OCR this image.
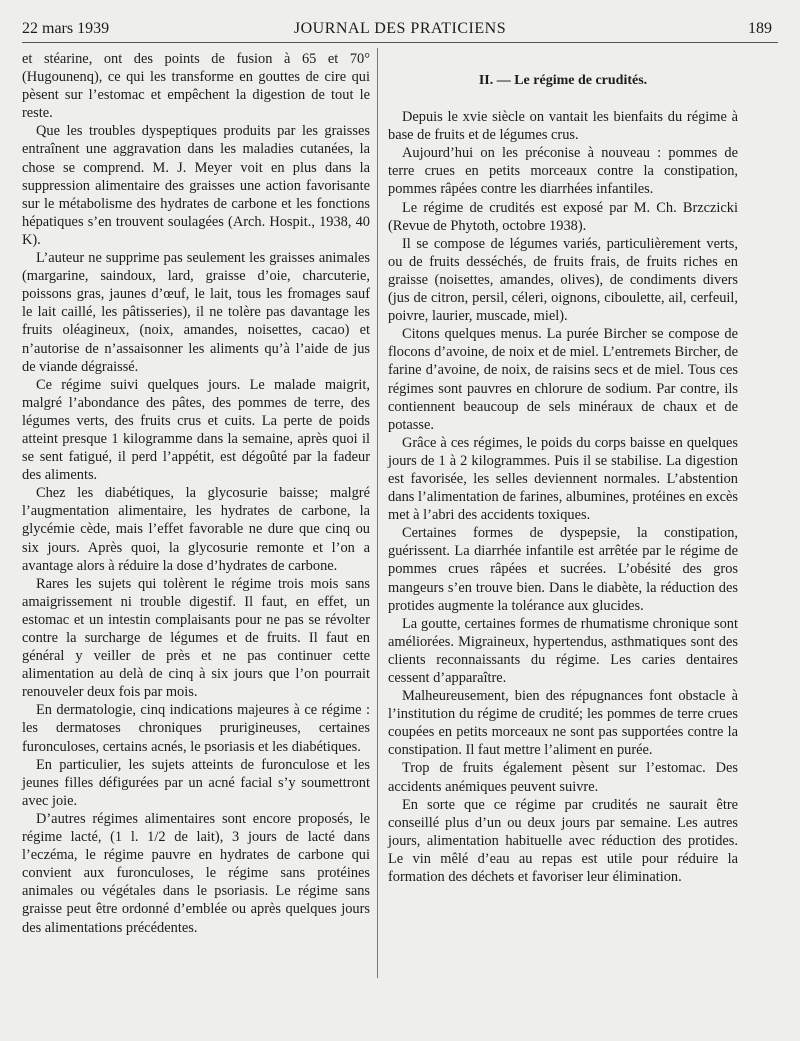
22 mars 1939	JOURNAL DES PRATICIENS	189

et stéarine, ont des points de fusion à 65 et 70° (Hugounenq), ce qui les transforme en gouttes de cire qui pèsent sur l’estomac et empêchent la digestion de tout le reste.

Que les troubles dyspeptiques produits par les graisses entraînent une aggravation dans les maladies cutanées, la chose se comprend. M. J. Meyer voit en plus dans la suppression alimentaire des graisses une action favorisante sur le métabolisme des hydrates de carbone et les fonctions hépatiques s’en trouvent soulagées (Arch. Hospit., 1938, 40 K).

L’auteur ne supprime pas seulement les graisses animales (margarine, saindoux, lard, graisse d’oie, charcuterie, poissons gras, jaunes d’œuf, le lait, tous les fromages sauf le lait caillé, les pâtisseries), il ne tolère pas davantage les fruits oléagineux, (noix, amandes, noisettes, cacao) et n’autorise de n’assaisonner les aliments qu’à l’aide de jus de viande dégraissé.

Ce régime suivi quelques jours. Le malade maigrit, malgré l’abondance des pâtes, des pommes de terre, des légumes verts, des fruits crus et cuits. La perte de poids atteint presque 1 kilogramme dans la semaine, après quoi il se sent fatigué, il perd l’appétit, est dégoûté par la fadeur des aliments.

Chez les diabétiques, la glycosurie baisse; malgré l’augmentation alimentaire, les hydrates de carbone, la glycémie cède, mais l’effet favorable ne dure que cinq ou six jours. Après quoi, la glycosurie remonte et l’on a avantage alors à réduire la dose d’hydrates de carbone.

Rares les sujets qui tolèrent le régime trois mois sans amaigrissement ni trouble digestif. Il faut, en effet, un estomac et un intestin complaisants pour ne pas se révolter contre la surcharge de légumes et de fruits. Il faut en général y veiller de près et ne pas continuer cette alimentation au delà de cinq à six jours que l’on pourrait renouveler deux fois par mois.

En dermatologie, cinq indications majeures à ce régime : les dermatoses chroniques prurigineuses, certaines furonculoses, certains acnés, le psoriasis et les diabétiques.

En particulier, les sujets atteints de furonculose et les jeunes filles défigurées par un acné facial s’y soumettront avec joie.

D’autres régimes alimentaires sont encore proposés, le régime lacté, (1 l. 1/2 de lait), 3 jours de lacté dans l’eczéma, le régime pauvre en hydrates de carbone qui convient aux furonculoses, le régime sans protéines animales ou végétales dans le psoriasis. Le régime sans graisse peut être ordonné d’emblée ou après quelques jours des alimentations précédentes.

II. — Le régime de crudités.

Depuis le xvie siècle on vantait les bienfaits du régime à base de fruits et de légumes crus.

Aujourd’hui on les préconise à nouveau : pommes de terre crues en petits morceaux contre la constipation, pommes râpées contre les diarrhées infantiles.

Le régime de crudités est exposé par M. Ch. Brzczicki (Revue de Phytoth, octobre 1938).

Il se compose de légumes variés, particulièrement verts, ou de fruits desséchés, de fruits frais, de fruits riches en graisse (noisettes, amandes, olives), de condiments divers (jus de citron, persil, céleri, oignons, ciboulette, ail, cerfeuil, poivre, laurier, muscade, miel).

Citons quelques menus. La purée Bircher se compose de flocons d’avoine, de noix et de miel. L’entremets Bircher, de farine d’avoine, de noix, de raisins secs et de miel. Tous ces régimes sont pauvres en chlorure de sodium. Par contre, ils contiennent beaucoup de sels minéraux de chaux et de potasse.

Grâce à ces régimes, le poids du corps baisse en quelques jours de 1 à 2 kilogrammes. Puis il se stabilise. La digestion est favorisée, les selles deviennent normales. L’abstention dans l’alimentation de farines, albumines, protéines en excès met à l’abri des accidents toxiques.

Certaines formes de dyspepsie, la constipation, guérissent. La diarrhée infantile est arrêtée par le régime de pommes crues râpées et sucrées. L’obésité des gros mangeurs s’en trouve bien. Dans le diabète, la réduction des protides augmente la tolérance aux glucides.

La goutte, certaines formes de rhumatisme chronique sont améliorées. Migraineux, hypertendus, asthmatiques sont des clients reconnaissants du régime. Les caries dentaires cessent d’apparaître.

Malheureusement, bien des répugnances font obstacle à l’institution du régime de crudité; les pommes de terre crues coupées en petits morceaux ne sont pas supportées contre la constipation. Il faut mettre l’aliment en purée.

Trop de fruits également pèsent sur l’estomac. Des accidents anémiques peuvent suivre.

En sorte que ce régime par crudités ne saurait être conseillé plus d’un ou deux jours par semaine. Les autres jours, alimentation habituelle avec réduction des protides. Le vin mêlé d’eau au repas est utile pour réduire la formation des déchets et favoriser leur élimination.
